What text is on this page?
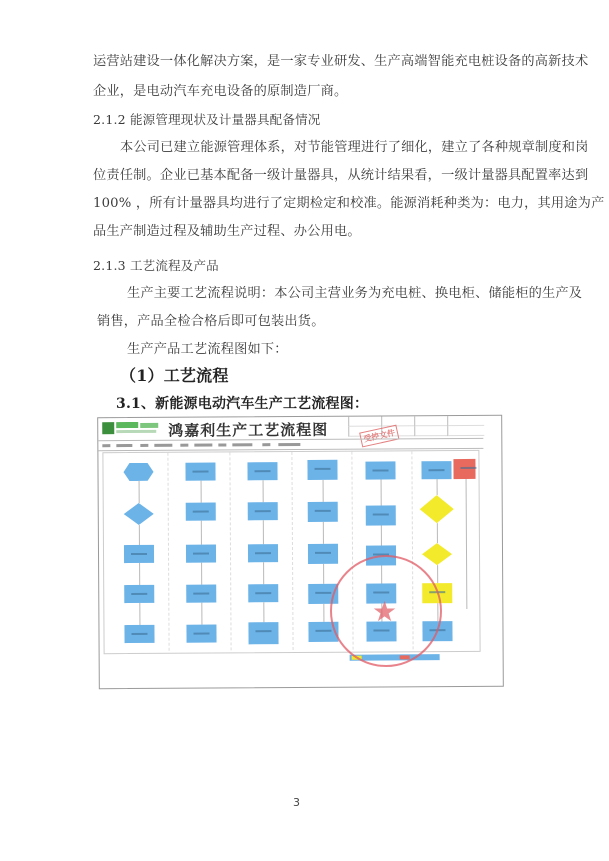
运营站建设一体化解决方案，是一家专业研发、生产高端智能充电桩设备的高新技术
企业，是电动汽车充电设备的原制造厂商。
2.1.2 能源管理现状及计量器具配备情况
本公司已建立能源管理体系，对节能管理进行了细化，建立了各种规章制度和岗
位责任制。企业已基本配备一级计量器具，从统计结果看，一级计量器具配置率达到
100% ，所有计量器具均进行了定期检定和校准。能源消耗种类为：电力，其用途为产
品生产制造过程及辅助生产过程、办公用电。
2.1.3 工艺流程及产品
生产主要工艺流程说明：本公司主营业务为充电桩、换电柜、储能柜的生产及
销售，产品全检合格后即可包装出货。
生产产品工艺流程图如下：
（1）工艺流程
3.1、新能源电动汽车生产工艺流程图：
鸿嘉利生产工艺流程图	受控文件
★
3
